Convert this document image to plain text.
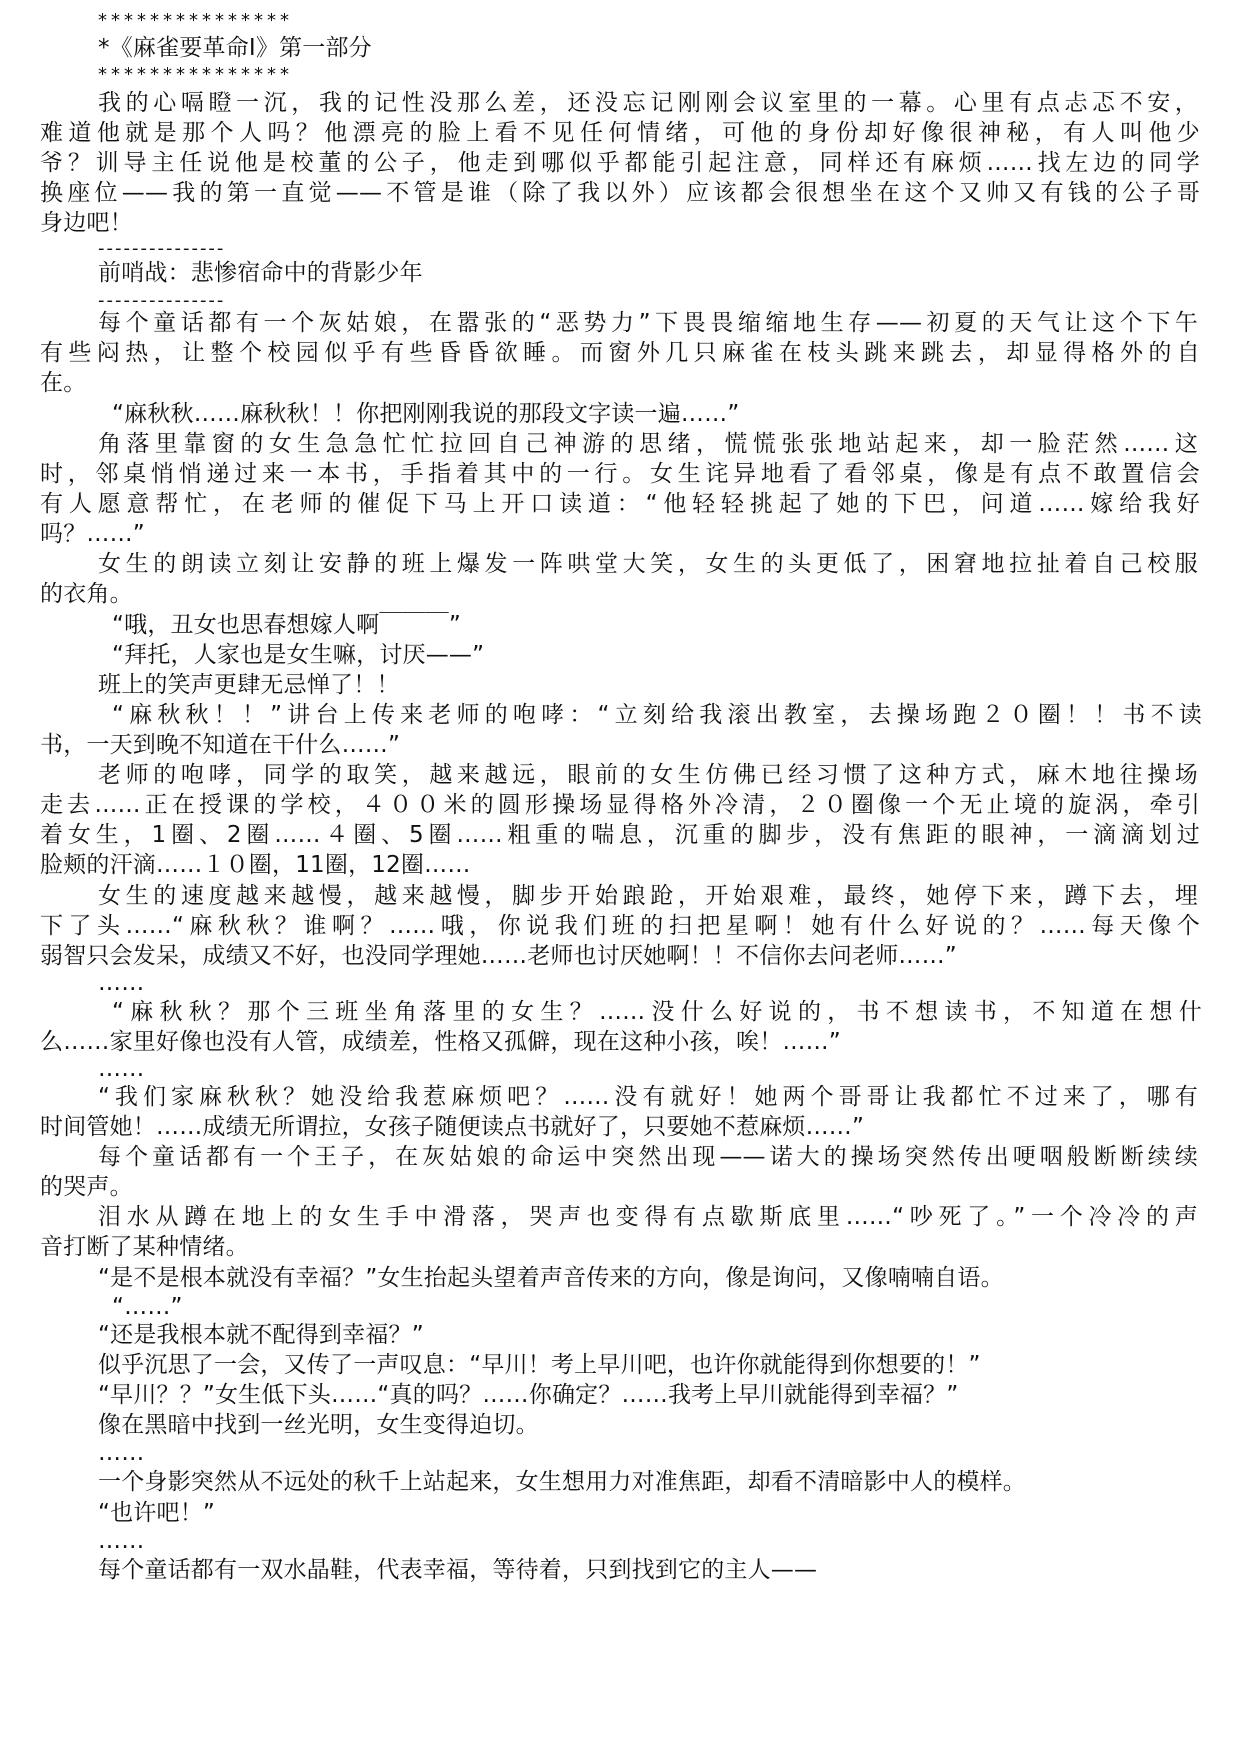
***************
*《麻雀要革命I》第一部分
***************
我的心嗝瞪一沉，我的记性没那么差，还没忘记刚刚会议室里的一幕。心里有点忐忑不安，
难道他就是那个人吗？他漂亮的脸上看不见任何情绪，可他的身份却好像很神秘，有人叫他少
爷？训导主任说他是校董的公子，他走到哪似乎都能引起注意，同样还有麻烦……找左边的同学
换座位——我的第一直觉——不管是谁（除了我以外）应该都会很想坐在这个又帅又有钱的公子哥
身边吧！
---------------
前哨战：悲惨宿命中的背影少年
---------------
每个童话都有一个灰姑娘，在嚣张的“恶势力”下畏畏缩缩地生存——初夏的天气让这个下午
有些闷热，让整个校园似乎有些昏昏欲睡。而窗外几只麻雀在枝头跳来跳去，却显得格外的自
在。
“麻秋秋……麻秋秋！！你把刚刚我说的那段文字读一遍……”
角落里靠窗的女生急急忙忙拉回自己神游的思绪，慌慌张张地站起来，却一脸茫然……这
时，邻桌悄悄递过来一本书，手指着其中的一行。女生诧异地看了看邻桌，像是有点不敢置信会
有人愿意帮忙，在老师的催促下马上开口读道：“他轻轻挑起了她的下巴，问道……嫁给我好
吗？……”
女生的朗读立刻让安静的班上爆发一阵哄堂大笑，女生的头更低了，困窘地拉扯着自己校服
的衣角。
“哦，丑女也思春想嫁人啊￣￣￣”
“拜托，人家也是女生嘛，讨厌——”
班上的笑声更肆无忌惮了！！
“麻秋秋！！”讲台上传来老师的咆哮：“立刻给我滚出教室，去操场跑２０圈！！书不读
书，一天到晚不知道在干什么……”
老师的咆哮，同学的取笑，越来越远，眼前的女生仿佛已经习惯了这种方式，麻木地往操场
走去……正在授课的学校，４００米的圆形操场显得格外冷清，２０圈像一个无止境的旋涡，牵引
着女生，1圈、2圈……４圈、5圈……粗重的喘息，沉重的脚步，没有焦距的眼神，一滴滴划过
脸颊的汗滴……１０圈，11圈，12圈……
女生的速度越来越慢，越来越慢，脚步开始踉跄，开始艰难，最终，她停下来，蹲下去，埋
下了头……“麻秋秋？谁啊？……哦，你说我们班的扫把星啊！她有什么好说的？……每天像个
弱智只会发呆，成绩又不好，也没同学理她……老师也讨厌她啊！！不信你去问老师……”
……
“麻秋秋？那个三班坐角落里的女生？……没什么好说的，书不想读书，不知道在想什
么……家里好像也没有人管，成绩差，性格又孤僻，现在这种小孩，唉！……”
……
“我们家麻秋秋？她没给我惹麻烦吧？……没有就好！她两个哥哥让我都忙不过来了，哪有
时间管她！……成绩无所谓拉，女孩子随便读点书就好了，只要她不惹麻烦……”
每个童话都有一个王子，在灰姑娘的命运中突然出现——诺大的操场突然传出哽咽般断断续续
的哭声。
泪水从蹲在地上的女生手中滑落，哭声也变得有点歇斯底里……“吵死了。”一个冷冷的声
音打断了某种情绪。
“是不是根本就没有幸福？”女生抬起头望着声音传来的方向，像是询问，又像喃喃自语。
“……”
“还是我根本就不配得到幸福？”
似乎沉思了一会，又传了一声叹息：“早川！考上早川吧，也许你就能得到你想要的！”
“早川？？”女生低下头……“真的吗？……你确定？……我考上早川就能得到幸福？”
像在黑暗中找到一丝光明，女生变得迫切。
……
一个身影突然从不远处的秋千上站起来，女生想用力对准焦距，却看不清暗影中人的模样。
“也许吧！”
……
每个童话都有一双水晶鞋，代表幸福，等待着，只到找到它的主人——
